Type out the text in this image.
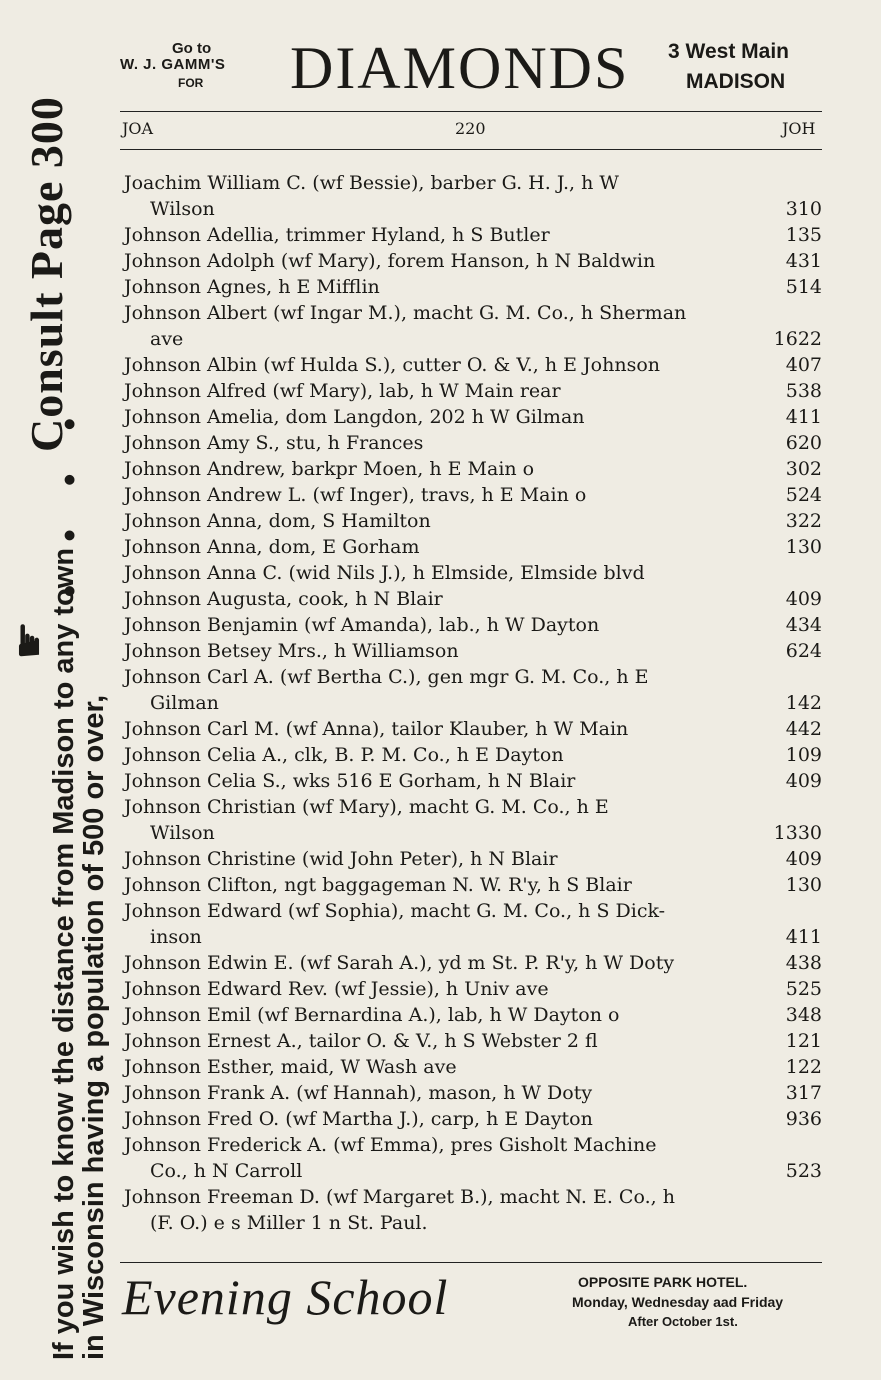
Consult Page 300
If you wish to know the distance from Madison to any town
in Wisconsin having a population of 500 or over,
• • • •
☛
Go to
W. J. GAMM'S
FOR DIAMONDS 3 West Main
MADISON
JOA	220	JOH
Joachim William C. (wf Bessie), barber G. H. J., h W
Wilson	310
Johnson Adellia, trimmer Hyland, h S Butler	135
Johnson Adolph (wf Mary), forem Hanson, h N Baldwin	431
Johnson Agnes, h E Mifflin	514
Johnson Albert (wf Ingar M.), macht G. M. Co., h Sherman
ave	1622
Johnson Albin (wf Hulda S.), cutter O. & V., h E Johnson	407
Johnson Alfred (wf Mary), lab, h W Main rear	538
Johnson Amelia, dom Langdon, 202 h W Gilman	411
Johnson Amy S., stu, h Frances	620
Johnson Andrew, barkpr Moen, h E Main o	302
Johnson Andrew L. (wf Inger), travs, h E Main o	524
Johnson Anna, dom, S Hamilton	322
Johnson Anna, dom, E Gorham	130
Johnson Anna C. (wid Nils J.), h Elmside, Elmside blvd
Johnson Augusta, cook, h N Blair	409
Johnson Benjamin (wf Amanda), lab., h W Dayton	434
Johnson Betsey Mrs., h Williamson	624
Johnson Carl A. (wf Bertha C.), gen mgr G. M. Co., h E
Gilman	142
Johnson Carl M. (wf Anna), tailor Klauber, h W Main	442
Johnson Celia A., clk, B. P. M. Co., h E Dayton	109
Johnson Celia S., wks 516 E Gorham, h N Blair	409
Johnson Christian (wf Mary), macht G. M. Co., h E
Wilson	1330
Johnson Christine (wid John Peter), h N Blair	409
Johnson Clifton, ngt baggageman N. W. R'y, h S Blair	130
Johnson Edward (wf Sophia), macht G. M. Co., h S Dick-
inson	411
Johnson Edwin E. (wf Sarah A.), yd m St. P. R'y, h W Doty	438
Johnson Edward Rev. (wf Jessie), h Univ ave	525
Johnson Emil (wf Bernardina A.), lab, h W Dayton o	348
Johnson Ernest A., tailor O. & V., h S Webster 2 fl	121
Johnson Esther, maid, W Wash ave	122
Johnson Frank A. (wf Hannah), mason, h W Doty	317
Johnson Fred O. (wf Martha J.), carp, h E Dayton	936
Johnson Frederick A. (wf Emma), pres Gisholt Machine
Co., h N Carroll	523
Johnson Freeman D. (wf Margaret B.), macht N. E. Co., h
(F. O.) e s Miller 1 n St. Paul.
Evening School	OPPOSITE PARK HOTEL.
Monday, Wednesday aad Friday
After October 1st.
